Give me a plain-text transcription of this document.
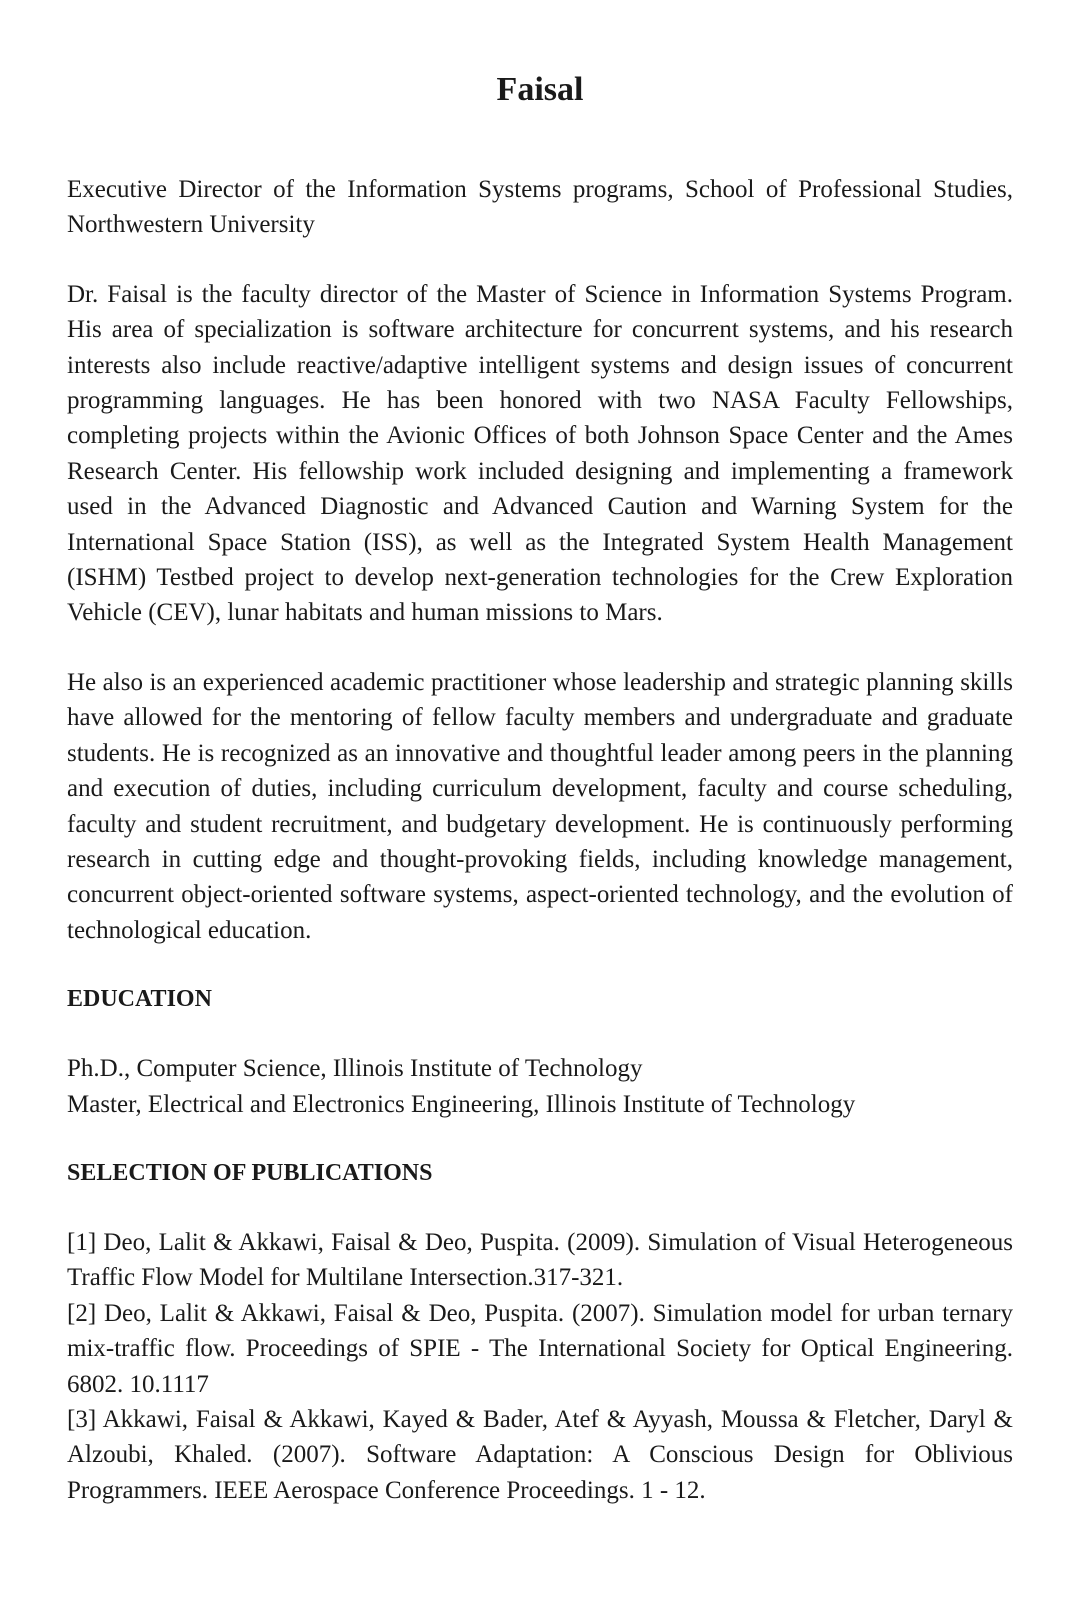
Faisal

Executive Director of the Information Systems programs, School of Professional Studies, Northwestern University

Dr. Faisal is the faculty director of the Master of Science in Information Systems Program. His area of specialization is software architecture for concurrent systems, and his research interests also include reactive/adaptive intelligent systems and design issues of concurrent programming languages. He has been honored with two NASA Faculty Fellowships, completing projects within the Avionic Offices of both Johnson Space Center and the Ames Research Center. His fellowship work included designing and implementing a framework used in the Advanced Diagnostic and Advanced Caution and Warning System for the International Space Station (ISS), as well as the Integrated System Health Management (ISHM) Testbed project to develop next-generation technologies for the Crew Exploration Vehicle (CEV), lunar habitats and human missions to Mars.

He also is an experienced academic practitioner whose leadership and strategic planning skills have allowed for the mentoring of fellow faculty members and undergraduate and graduate students. He is recognized as an innovative and thoughtful leader among peers in the planning and execution of duties, including curriculum development, faculty and course scheduling, faculty and student recruitment, and budgetary development. He is continuously performing research in cutting edge and thought-provoking fields, including knowledge management, concurrent object-oriented software systems, aspect-oriented technology, and the evolution of technological education.

EDUCATION

Ph.D., Computer Science, Illinois Institute of Technology

Master, Electrical and Electronics Engineering, Illinois Institute of Technology

SELECTION OF PUBLICATIONS

[1] Deo, Lalit & Akkawi, Faisal & Deo, Puspita. (2009). Simulation of Visual Heterogeneous Traffic Flow Model for Multilane Intersection.317-321.

[2] Deo, Lalit & Akkawi, Faisal & Deo, Puspita. (2007). Simulation model for urban ternary mix-traffic flow. Proceedings of SPIE - The International Society for Optical Engineering. 6802. 10.1117

[3] Akkawi, Faisal & Akkawi, Kayed & Bader, Atef & Ayyash, Moussa & Fletcher, Daryl & Alzoubi, Khaled. (2007). Software Adaptation: A Conscious Design for Oblivious Programmers. IEEE Aerospace Conference Proceedings. 1 - 12.
